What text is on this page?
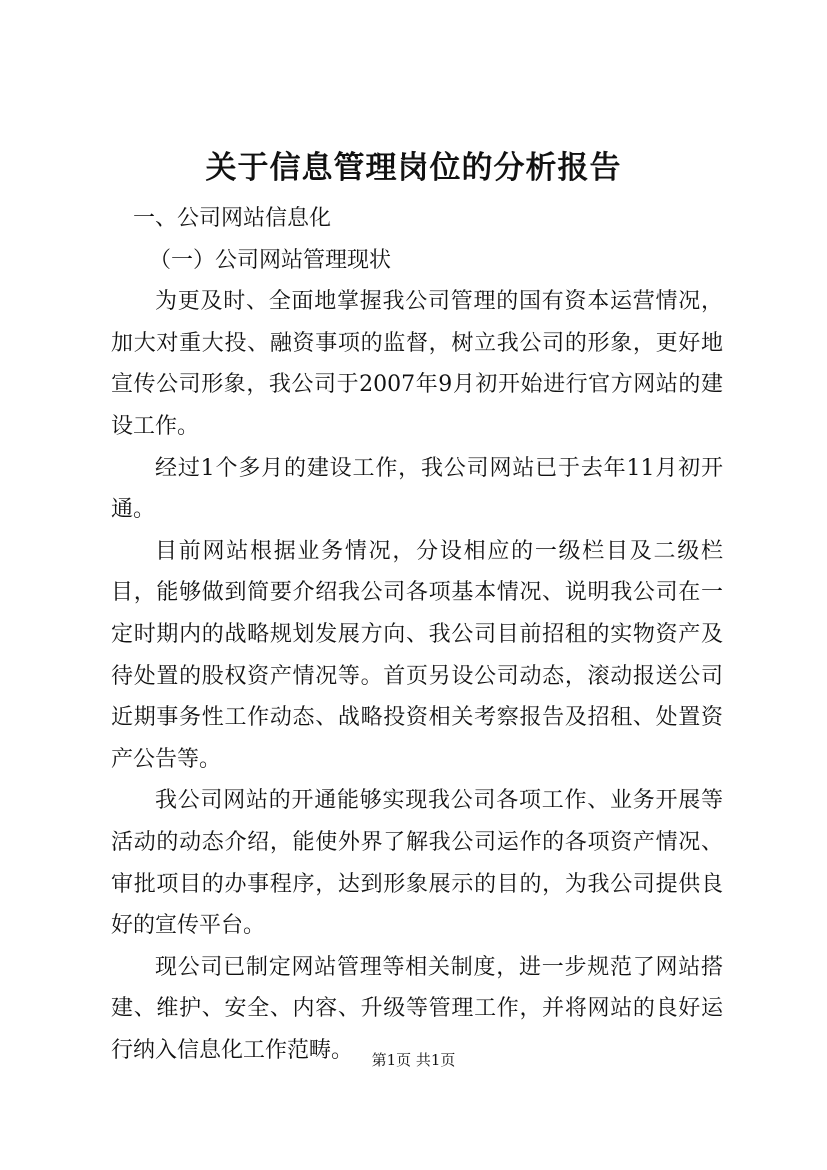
关于信息管理岗位的分析报告

一、公司网站信息化

（一）公司网站管理现状

为更及时、全面地掌握我公司管理的国有资本运营情况，加大对重大投、融资事项的监督，树立我公司的形象，更好地宣传公司形象，我公司于2007年9月初开始进行官方网站的建设工作。

经过1个多月的建设工作，我公司网站已于去年11月初开通。

目前网站根据业务情况，分设相应的一级栏目及二级栏目，能够做到简要介绍我公司各项基本情况、说明我公司在一定时期内的战略规划发展方向、我公司目前招租的实物资产及待处置的股权资产情况等。首页另设公司动态，滚动报送公司近期事务性工作动态、战略投资相关考察报告及招租、处置资产公告等。

我公司网站的开通能够实现我公司各项工作、业务开展等活动的动态介绍，能使外界了解我公司运作的各项资产情况、审批项目的办事程序，达到形象展示的目的，为我公司提供良好的宣传平台。

现公司已制定网站管理等相关制度，进一步规范了网站搭建、维护、安全、内容、升级等管理工作，并将网站的良好运行纳入信息化工作范畴。	第1页 共1页
